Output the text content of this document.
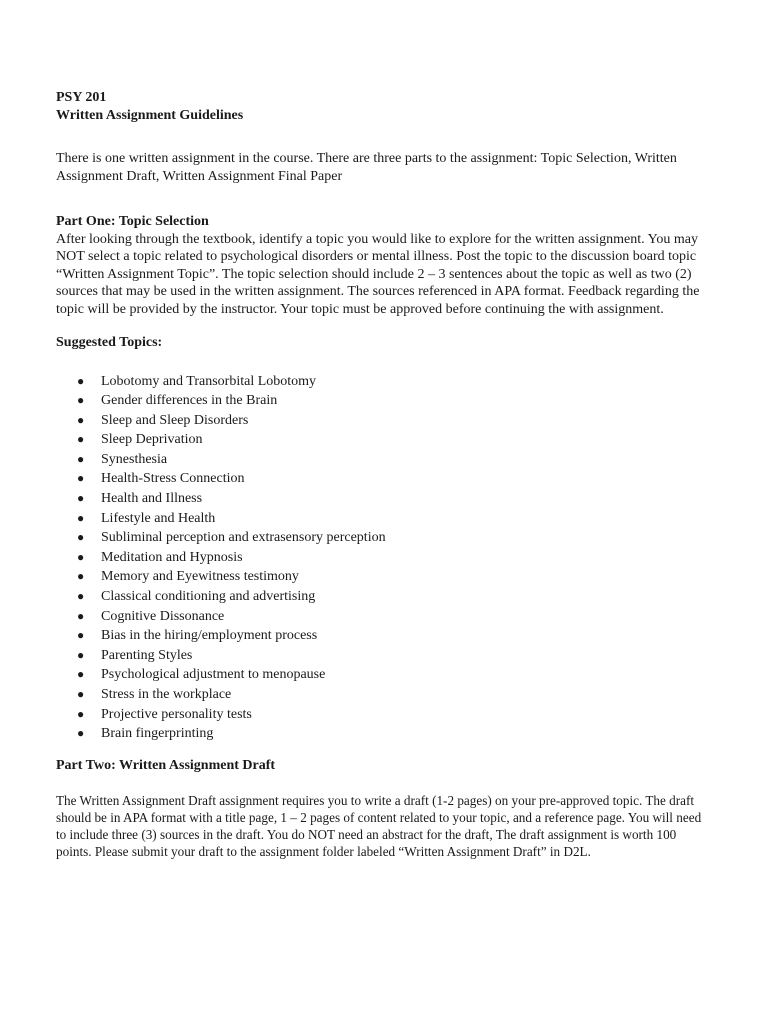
PSY 201

Written Assignment Guidelines

There is one written assignment in the course. There are three parts to the assignment: Topic Selection, Written Assignment Draft, Written Assignment Final Paper

Part One: Topic Selection

After looking through the textbook, identify a topic you would like to explore for the written assignment. You may NOT select a topic related to psychological disorders or mental illness. Post the topic to the discussion board topic “Written Assignment Topic”. The topic selection should include 2 – 3 sentences about the topic as well as two (2) sources that may be used in the written assignment. The sources referenced in APA format. Feedback regarding the topic will be provided by the instructor. Your topic must be approved before continuing the with assignment.

Suggested Topics:

● Lobotomy and Transorbital Lobotomy
● Gender differences in the Brain
● Sleep and Sleep Disorders
● Sleep Deprivation
● Synesthesia
● Health-Stress Connection
● Health and Illness
● Lifestyle and Health
● Subliminal perception and extrasensory perception
● Meditation and Hypnosis
● Memory and Eyewitness testimony
● Classical conditioning and advertising
● Cognitive Dissonance
● Bias in the hiring/employment process
● Parenting Styles
● Psychological adjustment to menopause
● Stress in the workplace
● Projective personality tests
● Brain fingerprinting

Part Two: Written Assignment Draft

The Written Assignment Draft assignment requires you to write a draft (1-2 pages) on your pre-approved topic. The draft should be in APA format with a title page, 1 – 2 pages of content related to your topic, and a reference page. You will need to include three (3) sources in the draft. You do NOT need an abstract for the draft, The draft assignment is worth 100 points. Please submit your draft to the assignment folder labeled “Written Assignment Draft” in D2L.
